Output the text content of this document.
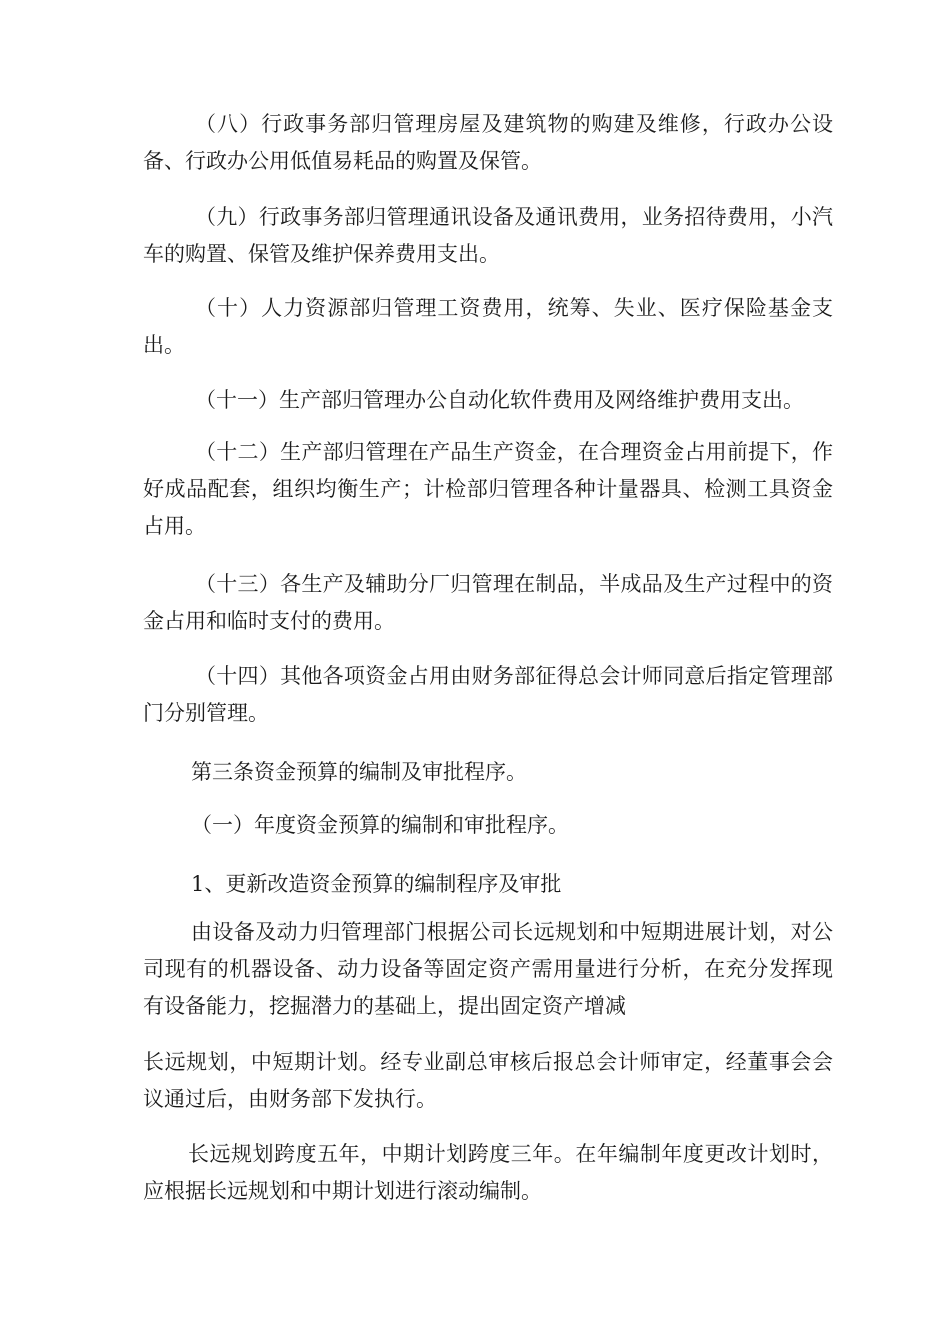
（八）行政事务部归管理房屋及建筑物的购建及维修，行政办公设备、行政办公用低值易耗品的购置及保管。

（九）行政事务部归管理通讯设备及通讯费用，业务招待费用，小汽车的购置、保管及维护保养费用支出。

（十）人力资源部归管理工资费用，统筹、失业、医疗保险基金支出。

（十一）生产部归管理办公自动化软件费用及网络维护费用支出。

（十二）生产部归管理在产品生产资金，在合理资金占用前提下，作好成品配套，组织均衡生产；计检部归管理各种计量器具、检测工具资金占用。

（十三）各生产及辅助分厂归管理在制品，半成品及生产过程中的资金占用和临时支付的费用。

（十四）其他各项资金占用由财务部征得总会计师同意后指定管理部门分别管理。

第三条资金预算的编制及审批程序。

（一）年度资金预算的编制和审批程序。

1、更新改造资金预算的编制程序及审批

由设备及动力归管理部门根据公司长远规划和中短期进展计划，对公司现有的机器设备、动力设备等固定资产需用量进行分析，在充分发挥现有设备能力，挖掘潜力的基础上，提出固定资产增减

长远规划，中短期计划。经专业副总审核后报总会计师审定，经董事会会议通过后，由财务部下发执行。

长远规划跨度五年，中期计划跨度三年。在年编制年度更改计划时，应根据长远规划和中期计划进行滚动编制。
